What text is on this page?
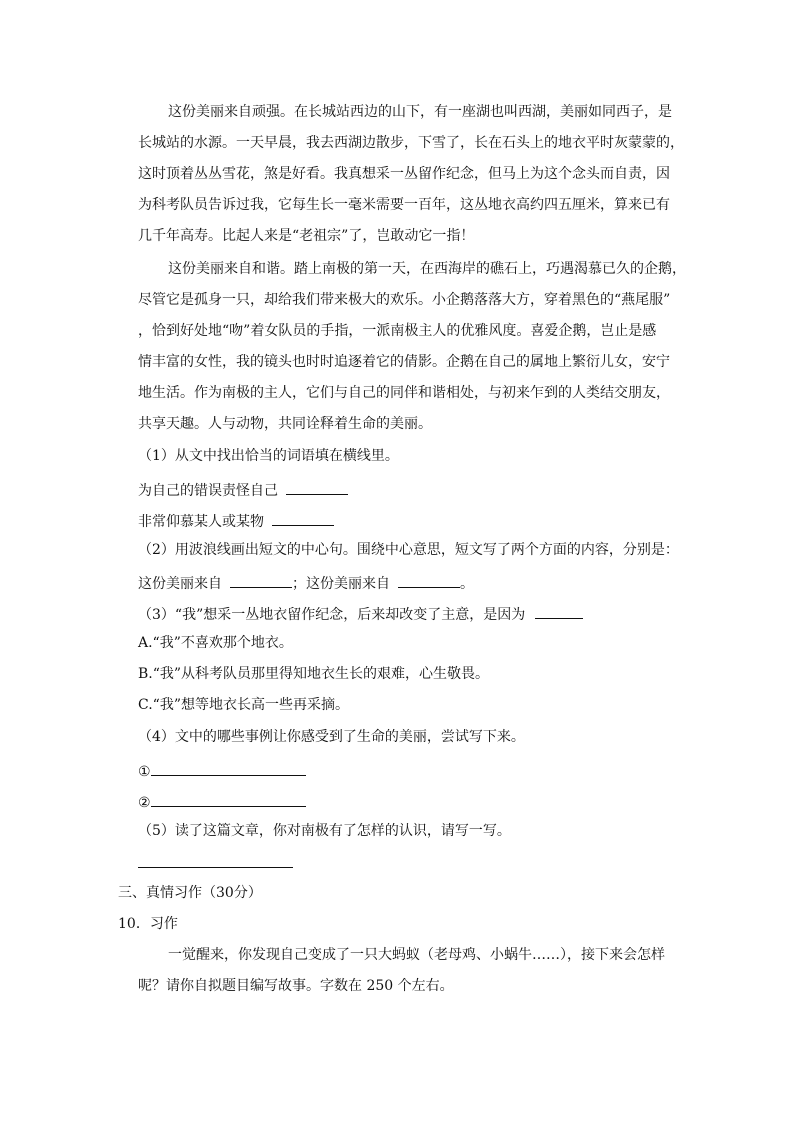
这份美丽来自顽强。在长城站西边的山下，有一座湖也叫西湖，美丽如同西子，是
长城站的水源。一天早晨，我去西湖边散步，下雪了，长在石头上的地衣平时灰蒙蒙的，
这时顶着丛丛雪花，煞是好看。我真想采一丛留作纪念，但马上为这个念头而自责，因
为科考队员告诉过我，它每生长一毫米需要一百年，这丛地衣高约四五厘米，算来已有
几千年高寿。比起人来是“老祖宗”了，岂敢动它一指！
这份美丽来自和谐。踏上南极的第一天，在西海岸的礁石上，巧遇渴慕已久的企鹅，
尽管它是孤身一只，却给我们带来极大的欢乐。小企鹅落落大方，穿着黑色的“燕尾服”
，恰到好处地“吻”着女队员的手指，一派南极主人的优雅风度。喜爱企鹅，岂止是感
情丰富的女性，我的镜头也时时追逐着它的倩影。企鹅在自己的属地上繁衍儿女，安宁
地生活。作为南极的主人，它们与自己的同伴和谐相处，与初来乍到的人类结交朋友，
共享天趣。人与动物，共同诠释着生命的美丽。
（1）从文中找出恰当的词语填在横线里。
为自己的错误责怪自己
非常仰慕某人或某物
（2）用波浪线画出短文的中心句。围绕中心意思，短文写了两个方面的内容，分别是：
这份美丽来自	；这份美丽来自	。
（3）“我”想采一丛地衣留作纪念，后来却改变了主意，是因为
A.“我”不喜欢那个地衣。
B.“我”从科考队员那里得知地衣生长的艰难，心生敬畏。
C.“我”想等地衣长高一些再采摘。
（4）文中的哪些事例让你感受到了生命的美丽，尝试写下来。
①
②
（5）读了这篇文章，你对南极有了怎样的认识，请写一写。
三、真情习作（30分）
10．习作
一觉醒来，你发现自己变成了一只大蚂蚁（老母鸡、小蜗牛……），接下来会怎样
呢？请你自拟题目编写故事。字数在 250 个左右。
